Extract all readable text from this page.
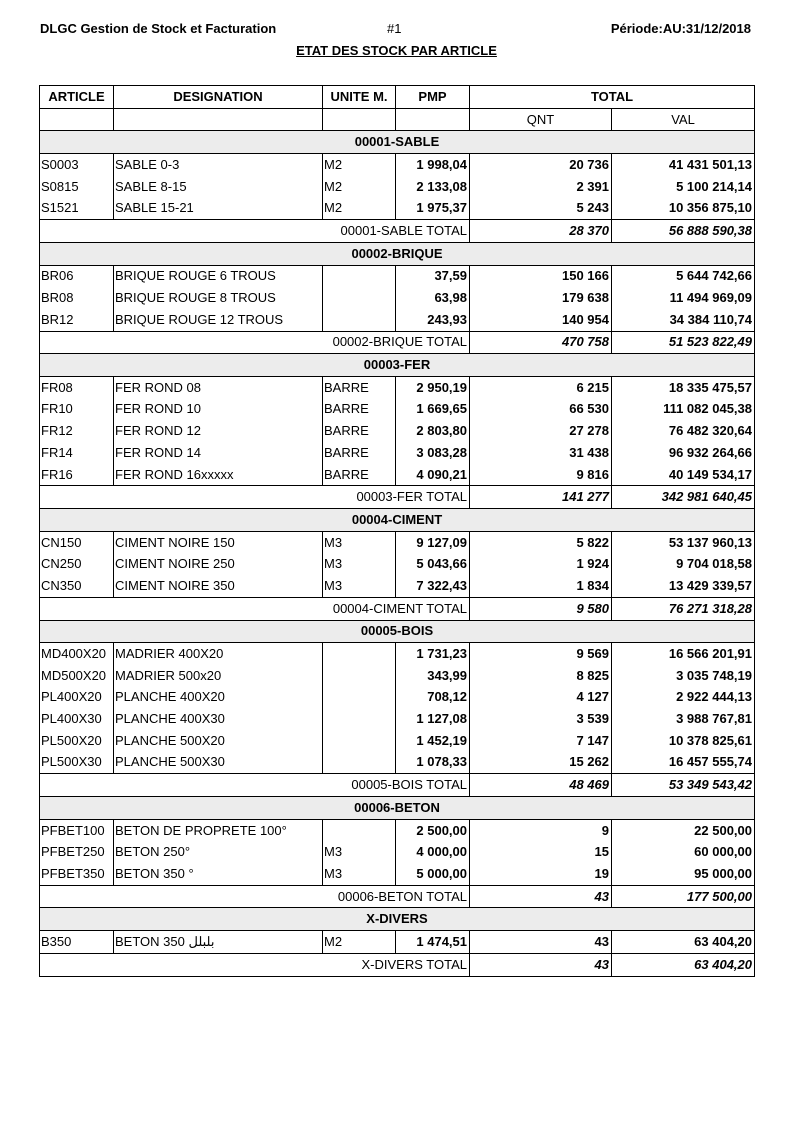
DLGC Gestion de Stock et Facturation	#1	Période:AU:31/12/2018
ETAT DES STOCK PAR ARTICLE
ARTICLE	DESIGNATION	UNITE M.	PMP	TOTAL	
				QNT	VAL
00001-SABLE					
S0003	SABLE 0-3	M2	1 998,04	20 736	41 431 501,13
S0815	SABLE 8-15	M2	2 133,08	2 391	5 100 214,14
S1521	SABLE 15-21	M2	1 975,37	5 243	10 356 875,10
00001-SABLE TOTAL				28 370	56 888 590,38
00002-BRIQUE					
BR06	BRIQUE ROUGE 6 TROUS		37,59	150 166	5 644 742,66
BR08	BRIQUE ROUGE 8 TROUS		63,98	179 638	11 494 969,09
BR12	BRIQUE ROUGE 12 TROUS		243,93	140 954	34 384 110,74
00002-BRIQUE TOTAL				470 758	51 523 822,49
00003-FER					
FR08	FER ROND 08	BARRE	2 950,19	6 215	18 335 475,57
FR10	FER ROND 10	BARRE	1 669,65	66 530	111 082 045,38
FR12	FER ROND 12	BARRE	2 803,80	27 278	76 482 320,64
FR14	FER ROND 14	BARRE	3 083,28	31 438	96 932 264,66
FR16	FER ROND 16xxxxx	BARRE	4 090,21	9 816	40 149 534,17
00003-FER TOTAL				141 277	342 981 640,45
00004-CIMENT					
CN150	CIMENT NOIRE 150	M3	9 127,09	5 822	53 137 960,13
CN250	CIMENT NOIRE 250	M3	5 043,66	1 924	9 704 018,58
CN350	CIMENT NOIRE 350	M3	7 322,43	1 834	13 429 339,57
00004-CIMENT TOTAL				9 580	76 271 318,28
00005-BOIS					
MD400X20	MADRIER 400X20		1 731,23	9 569	16 566 201,91
MD500X20	MADRIER 500x20		343,99	8 825	3 035 748,19
PL400X20	PLANCHE 400X20		708,12	4 127	2 922 444,13
PL400X30	PLANCHE 400X30		1 127,08	3 539	3 988 767,81
PL500X20	PLANCHE 500X20		1 452,19	7 147	10 378 825,61
PL500X30	PLANCHE 500X30		1 078,33	15 262	16 457 555,74
00005-BOIS TOTAL				48 469	53 349 543,42
00006-BETON					
PFBET100	BETON DE PROPRETE 100°		2 500,00	9	22 500,00
PFBET250	BETON 250°	M3	4 000,00	15	60 000,00
PFBET350	BETON 350 °	M3	5 000,00	19	95 000,00
00006-BETON TOTAL				43	177 500,00
X-DIVERS					
B350	BETON 350 بلبلل	M2	1 474,51	43	63 404,20
X-DIVERS TOTAL				43	63 404,20
